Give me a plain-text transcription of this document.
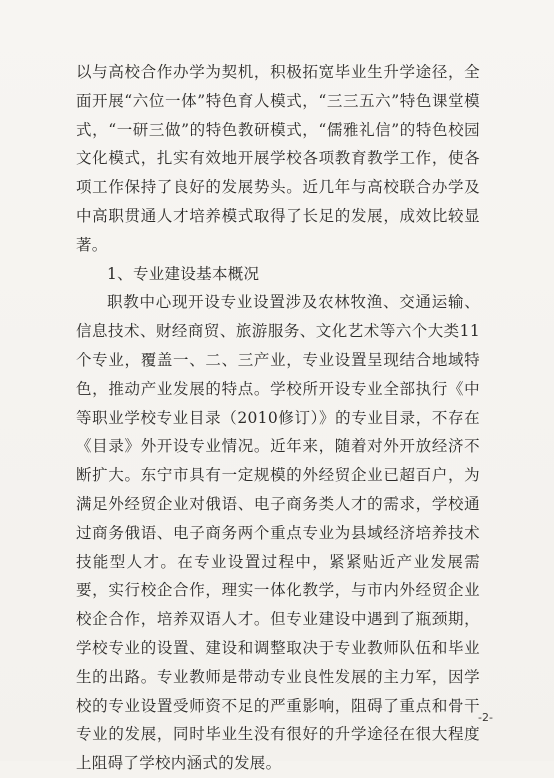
以与高校合作办学为契机，积极拓宽毕业生升学途径，全面开展“六位一体”特色育人模式，“三三五六”特色课堂模式，“一研三做”的特色教研模式，“儒雅礼信”的特色校园文化模式，扎实有效地开展学校各项教育教学工作，使各项工作保持了良好的发展势头。近几年与高校联合办学及中高职贯通人才培养模式取得了长足的发展，成效比较显著。

1、专业建设基本概况

职教中心现开设专业设置涉及农林牧渔、交通运输、信息技术、财经商贸、旅游服务、文化艺术等六个大类11个专业，覆盖一、二、三产业，专业设置呈现结合地域特色，推动产业发展的特点。学校所开设专业全部执行《中等职业学校专业目录（2010修订）》的专业目录，不存在《目录》外开设专业情况。近年来，随着对外开放经济不断扩大。东宁市具有一定规模的外经贸企业已超百户，为满足外经贸企业对俄语、电子商务类人才的需求，学校通过商务俄语、电子商务两个重点专业为县域经济培养技术技能型人才。在专业设置过程中，紧紧贴近产业发展需要，实行校企合作，理实一体化教学，与市内外经贸企业校企合作，培养双语人才。但专业建设中遇到了瓶颈期，学校专业的设置、建设和调整取决于专业教师队伍和毕业生的出路。专业教师是带动专业良性发展的主力军，因学校的专业设置受师资不足的严重影响，阻碍了重点和骨干专业的发展，同时毕业生没有很好的升学途径在很大程度上阻碍了学校内涵式的发展。

-2-
